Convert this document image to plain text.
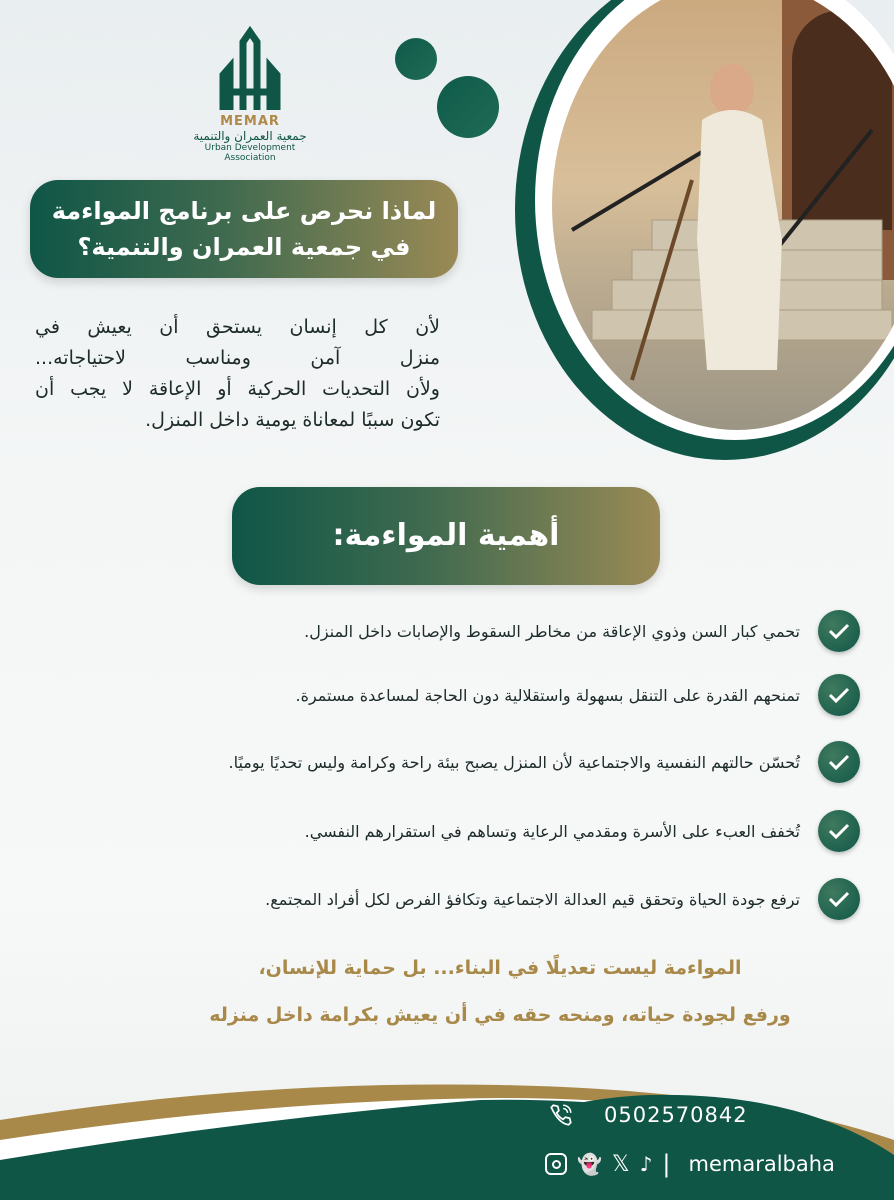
MEMAR
جمعية العمران والتنمية
Urban Development Association
لماذا نحرص على برنامج المواءمة
في جمعية العمران والتنمية؟
لأن كل إنسان يستحق أن يعيش في
منزل آمن ومناسب لاحتياجاته...
ولأن التحديات الحركية أو الإعاقة لا يجب أن
تكون سببًا لمعاناة يومية داخل المنزل.
أهمية المواءمة:
تحمي كبار السن وذوي الإعاقة من مخاطر السقوط والإصابات داخل المنزل.
تمنحهم القدرة على التنقل بسهولة واستقلالية دون الحاجة لمساعدة مستمرة.
تُحسّن حالتهم النفسية والاجتماعية لأن المنزل يصبح بيئة راحة وكرامة وليس تحديًا يوميًا.
تُخفف العبء على الأسرة ومقدمي الرعاية وتساهم في استقرارهم النفسي.
ترفع جودة الحياة وتحقق قيم العدالة الاجتماعية وتكافؤ الفرص لكل أفراد المجتمع.
المواءمة ليست تعديلًا في البناء... بل حماية للإنسان،
ورفع لجودة حياته، ومنحه حقه في أن يعيش بكرامة داخل منزله
0502570842
👻 𝕏 ♪ | memaralbaha
